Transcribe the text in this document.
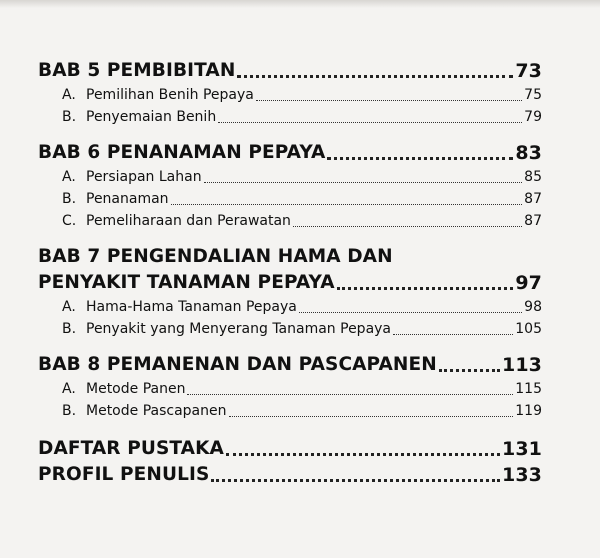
BAB 5 PEMBIBITAN	73
A. Pemilihan Benih Pepaya	75
B. Penyemaian Benih	79
BAB 6 PENANAMAN PEPAYA	83
A. Persiapan Lahan	85
B. Penanaman	87
C. Pemeliharaan dan Perawatan	87
BAB 7 PENGENDALIAN HAMA DAN
PENYAKIT TANAMAN PEPAYA	97
A. Hama-Hama Tanaman Pepaya	98
B. Penyakit yang Menyerang Tanaman Pepaya	105
BAB 8 PEMANENAN DAN PASCAPANEN	113
A. Metode Panen	115
B. Metode Pascapanen	119
DAFTAR PUSTAKA	131
PROFIL PENULIS	133
